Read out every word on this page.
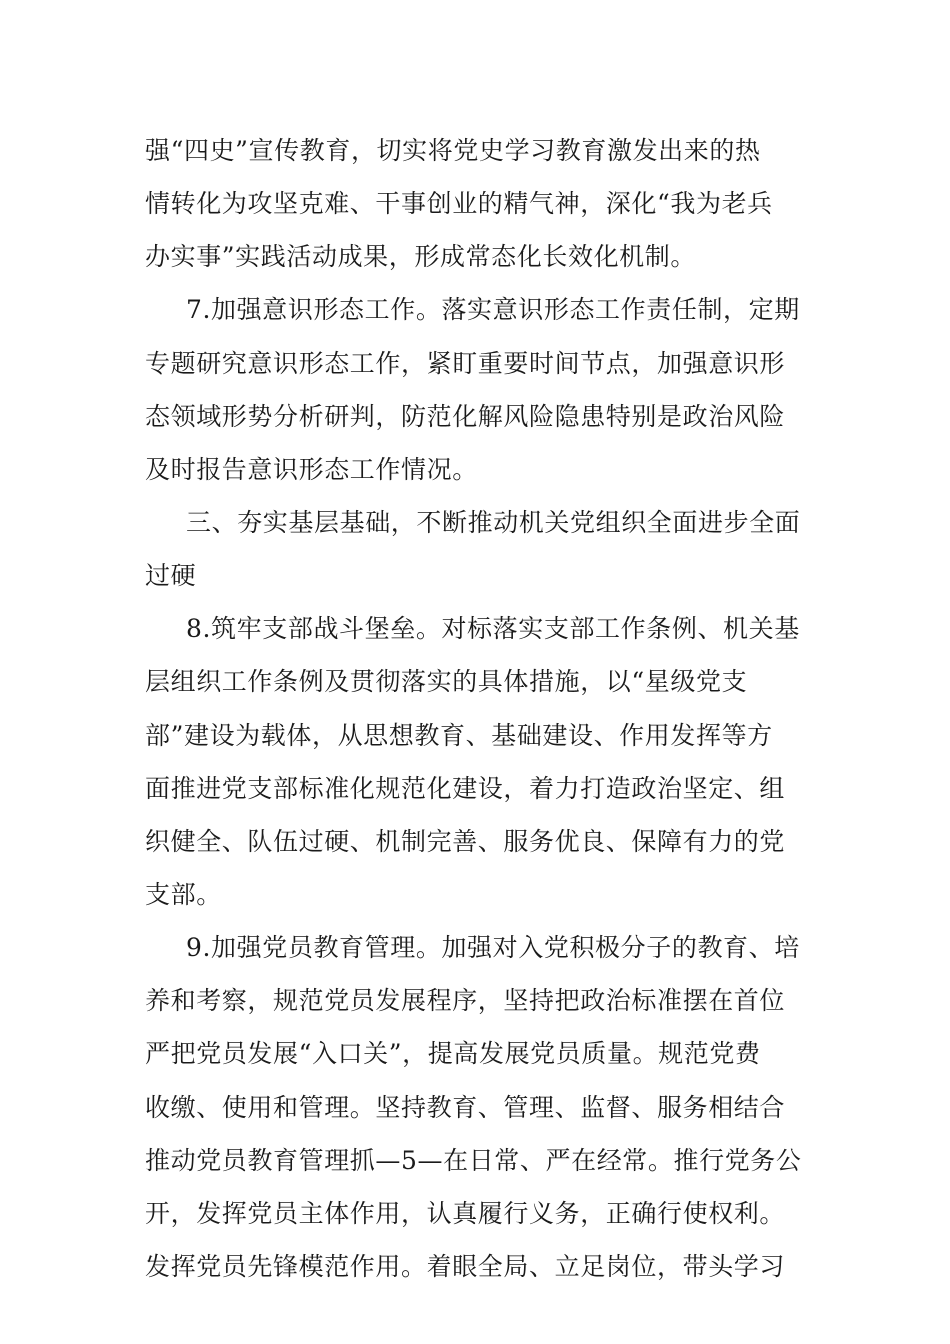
强“四史”宣传教育，切实将党史学习教育激发出来的热
情转化为攻坚克难、干事创业的精气神，深化“我为老兵
办实事”实践活动成果，形成常态化长效化机制。
7.加强意识形态工作。落实意识形态工作责任制，定期
专题研究意识形态工作，紧盯重要时间节点，加强意识形
态领域形势分析研判，防范化解风险隐患特别是政治风险
及时报告意识形态工作情况。
三、夯实基层基础，不断推动机关党组织全面进步全面
过硬
8.筑牢支部战斗堡垒。对标落实支部工作条例、机关基
层组织工作条例及贯彻落实的具体措施，以“星级党支
部”建设为载体，从思想教育、基础建设、作用发挥等方
面推进党支部标准化规范化建设，着力打造政治坚定、组
织健全、队伍过硬、机制完善、服务优良、保障有力的党
支部。
9.加强党员教育管理。加强对入党积极分子的教育、培
养和考察，规范党员发展程序，坚持把政治标准摆在首位
严把党员发展“入口关”，提高发展党员质量。规范党费
收缴、使用和管理。坚持教育、管理、监督、服务相结合
推动党员教育管理抓—5—在日常、严在经常。推行党务公
开，发挥党员主体作用，认真履行义务，正确行使权利。
发挥党员先锋模范作用。着眼全局、立足岗位，带头学习
